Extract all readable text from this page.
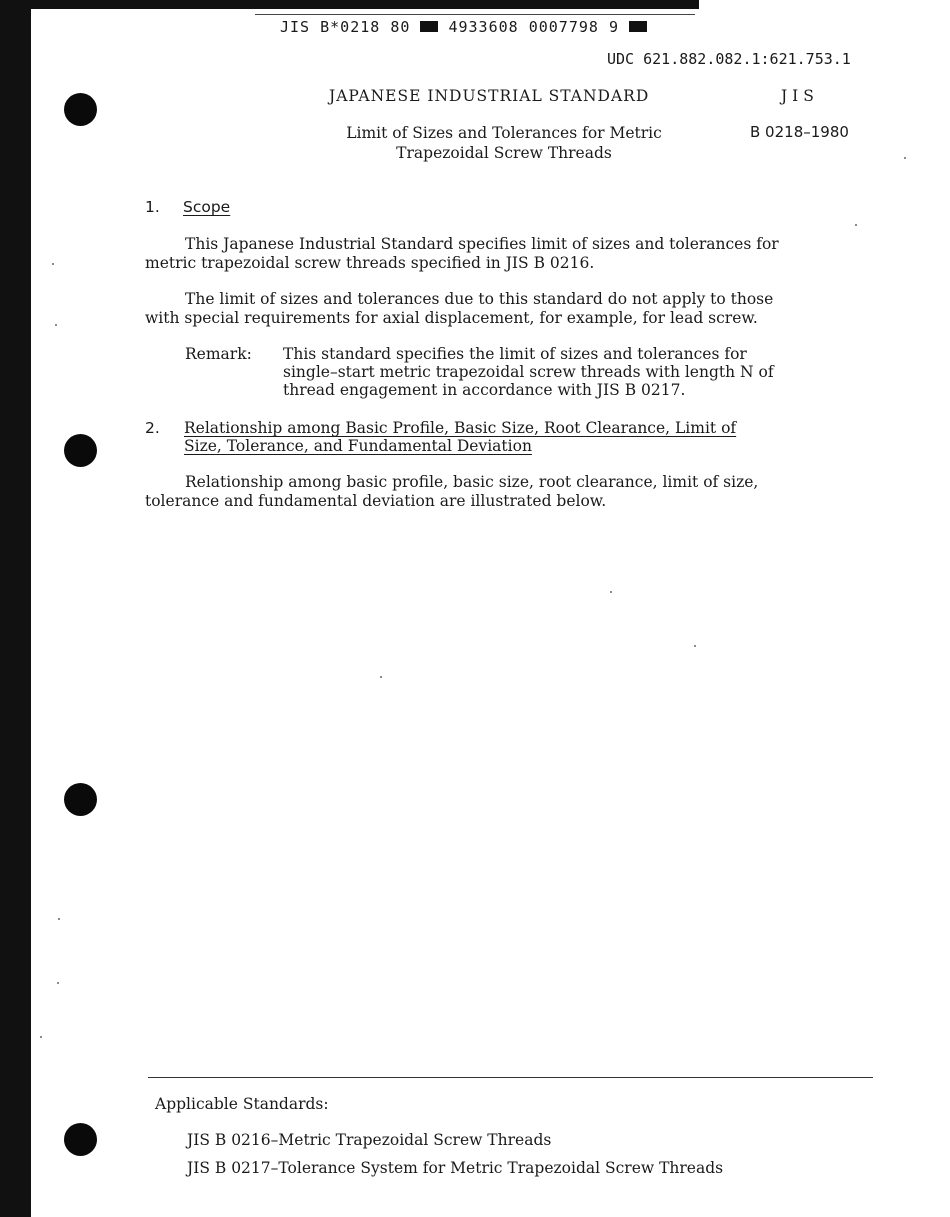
JIS B*0218 80	4933608 0007798 9
UDC 621.882.082.1:621.753.1
JAPANESE INDUSTRIAL STANDARD	J I S
Limit of Sizes and Tolerances for Metric
Trapezoidal Screw Threads
B 0218–1980
1. Scope
This Japanese Industrial Standard specifies limit of sizes and tolerances for
metric trapezoidal screw threads specified in JIS B 0216.
The limit of sizes and tolerances due to this standard do not apply to those
with special requirements for axial displacement, for example, for lead screw.
Remark: This standard specifies the limit of sizes and tolerances for
single–start metric trapezoidal screw threads with length N of
thread engagement in accordance with JIS B 0217.
2. Relationship among Basic Profile, Basic Size, Root Clearance, Limit of
Size, Tolerance, and Fundamental Deviation
Relationship among basic profile, basic size, root clearance, limit of size,
tolerance and fundamental deviation are illustrated below.
Applicable Standards:
JIS B 0216–Metric Trapezoidal Screw Threads
JIS B 0217–Tolerance System for Metric Trapezoidal Screw Threads
